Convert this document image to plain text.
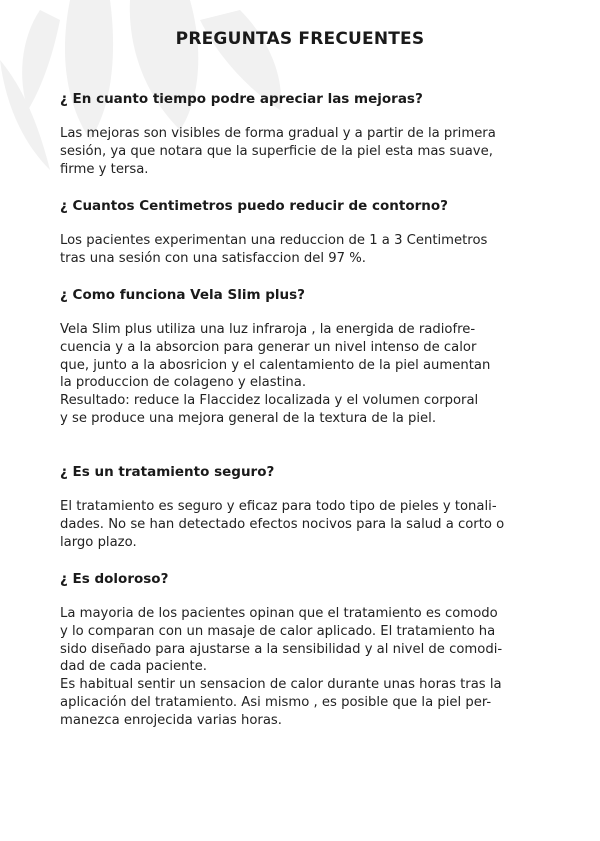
PREGUNTAS FRECUENTES

¿ En cuanto tiempo podre apreciar las mejoras?

Las mejoras son visibles de forma gradual y a partir de la primera
sesión, ya que notara que la superficie de la piel esta mas suave,
firme y tersa.

¿ Cuantos Centimetros puedo reducir de contorno?

Los pacientes experimentan una reduccion de 1 a 3 Centimetros
tras una sesión con una satisfaccion del 97 %.

¿ Como funciona Vela Slim plus?

Vela Slim plus utiliza una luz infraroja , la energida de radiofre-
cuencia y a la absorcion para generar un nivel intenso de calor
que, junto a la abosricion y el calentamiento de la piel aumentan
la produccion de colageno y elastina.
Resultado: reduce la Flaccidez localizada y el volumen corporal
y se produce una mejora general de la textura de la piel.

¿ Es un tratamiento seguro?

El tratamiento es seguro y eficaz para todo tipo de pieles y tonali-
dades. No se han detectado efectos nocivos para la salud a corto o
largo plazo.

¿ Es doloroso?

La mayoria de los pacientes opinan que el tratamiento es comodo
y lo comparan con un masaje de calor aplicado. El tratamiento ha
sido diseñado para ajustarse a la sensibilidad y al nivel de comodi-
dad de cada paciente.
Es habitual sentir un sensacion de calor durante unas horas tras la
aplicación del tratamiento. Asi mismo , es posible que la piel per-
manezca enrojecida varias horas.
